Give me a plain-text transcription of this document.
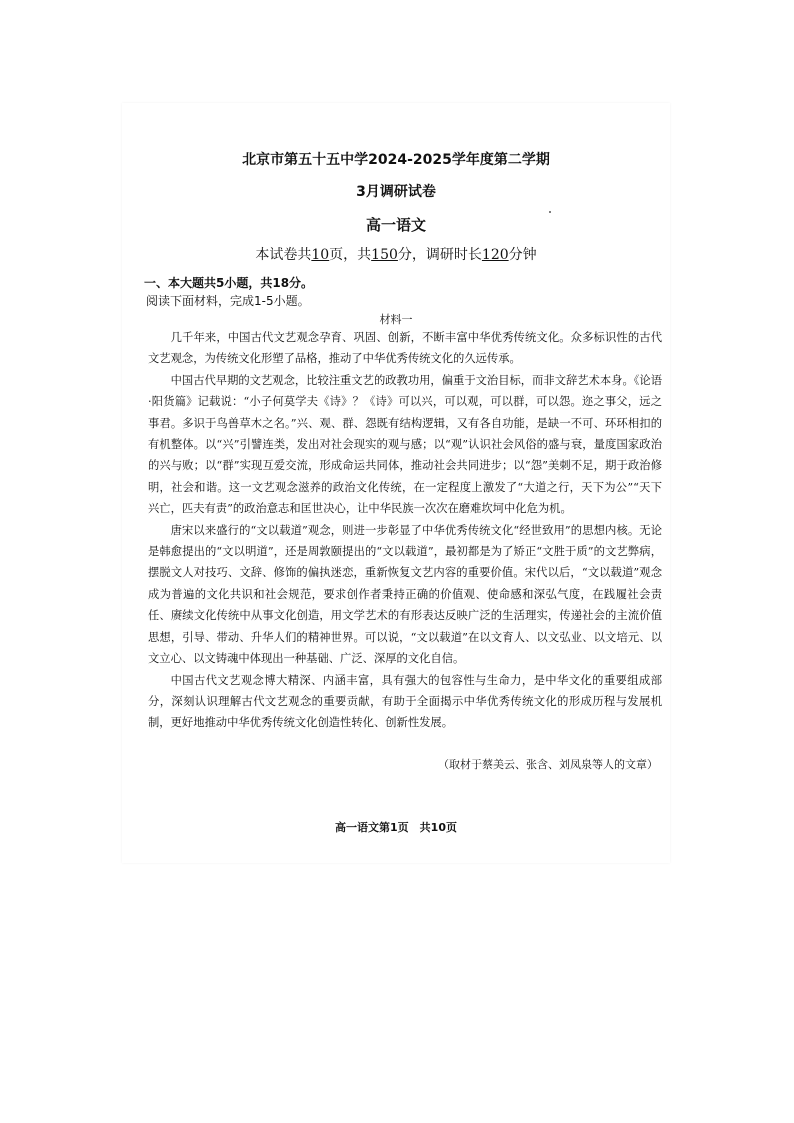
北京市第五十五中学2024-2025学年度第二学期
3月调研试卷
高一语文
本试卷共10页，共150分，调研时长120分钟
一、本大题共5小题，共18分。
阅读下面材料，完成1-5小题。
材料一

几千年来，中国古代文艺观念孕育、巩固、创新，不断丰富中华优秀传统文化。众多标识性的古代文艺观念，为传统文化形塑了品格，推动了中华优秀传统文化的久远传承。

中国古代早期的文艺观念，比较注重文艺的政教功用，偏重于文治目标，而非文辞艺术本身。《论语·阳货篇》记载说：“小子何莫学夫《诗》？《诗》可以兴，可以观，可以群，可以怨。迩之事父，远之事君。多识于鸟兽草木之名。”兴、观、群、怨既有结构逻辑，又有各自功能，是缺一不可、环环相扣的有机整体。以“兴”引譬连类，发出对社会现实的观与感；以“观”认识社会风俗的盛与衰，量度国家政治的兴与败；以“群”实现互爱交流，形成命运共同体，推动社会共同进步；以“怨”美刺不足，期于政治修明，社会和谐。这一文艺观念滋养的政治文化传统，在一定程度上激发了“大道之行，天下为公”“天下兴亡，匹夫有责”的政治意志和匡世决心，让中华民族一次次在磨难坎坷中化危为机。

唐宋以来盛行的“文以载道”观念，则进一步彰显了中华优秀传统文化“经世致用”的思想内核。无论是韩愈提出的“文以明道”，还是周敦颐提出的“文以载道”，最初都是为了矫正“文胜于质”的文艺弊病，摆脱文人对技巧、文辞、修饰的偏执迷恋，重新恢复文艺内容的重要价值。宋代以后，“文以载道”观念成为普遍的文化共识和社会规范，要求创作者秉持正确的价值观、使命感和深弘气度，在践履社会责任、赓续文化传统中从事文化创造，用文学艺术的有形表达反映广泛的生活理实，传递社会的主流价值思想，引导、带动、升华人们的精神世界。可以说，“文以载道”在以文育人、以文弘业、以文培元、以文立心、以文铸魂中体现出一种基础、广泛、深厚的文化自信。

中国古代文艺观念博大精深、内涵丰富，具有强大的包容性与生命力，是中华文化的重要组成部分，深刻认识理解古代文艺观念的重要贡献，有助于全面揭示中华优秀传统文化的形成历程与发展机制，更好地推动中华优秀传统文化创造性转化、创新性发展。

（取材于蔡美云、张含、刘凤泉等人的文章）
高一语文第1页　共10页
